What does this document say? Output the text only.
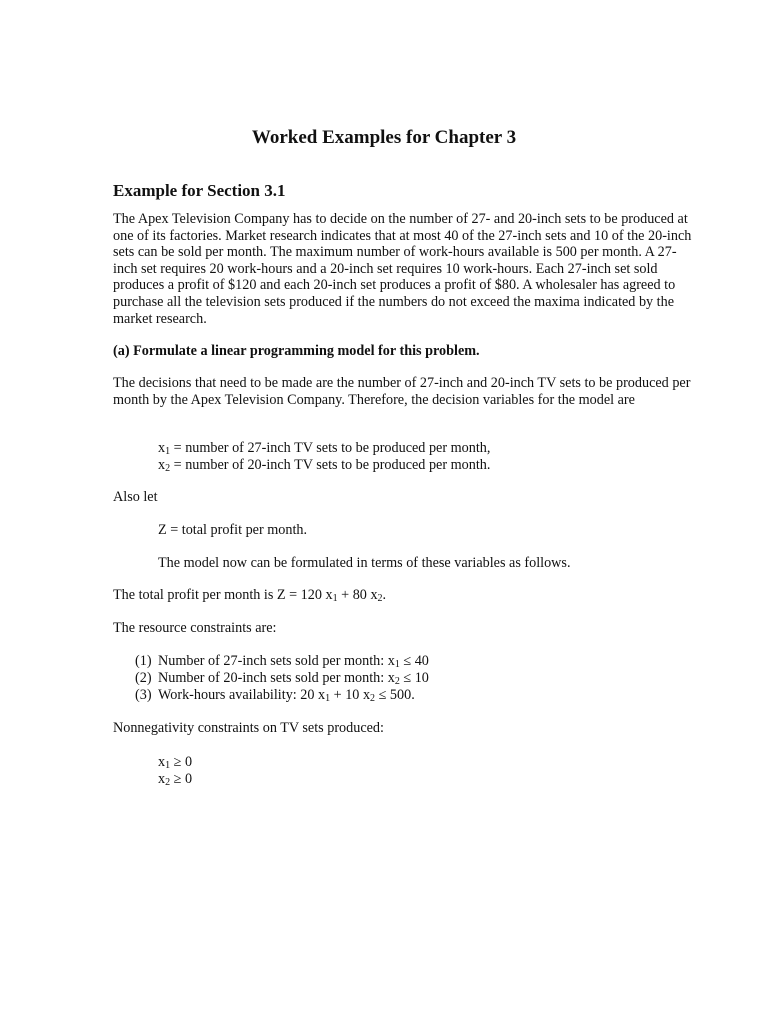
Worked Examples for Chapter 3
Example for Section 3.1

The Apex Television Company has to decide on the number of 27- and 20-inch sets to be produced at one of its factories. Market research indicates that at most 40 of the 27-inch sets and 10 of the 20-inch sets can be sold per month. The maximum number of work-hours available is 500 per month. A 27-inch set requires 20 work-hours and a 20-inch set requires 10 work-hours. Each 27-inch set sold produces a profit of $120 and each 20-inch set produces a profit of $80. A wholesaler has agreed to purchase all the television sets produced if the numbers do not exceed the maxima indicated by the market research.

(a) Formulate a linear programming model for this problem.

The decisions that need to be made are the number of 27-inch and 20-inch TV sets to be produced per month by the Apex Television Company. Therefore, the decision variables for the model are

$x_1$ = number of 27-inch TV sets to be produced per month,
$x_2$ = number of 20-inch TV sets to be produced per month.
Also let
Z = total profit per month.
The model now can be formulated in terms of these variables as follows.
The total profit per month is Z = 120 $x_1 + 80$ $x_2$.
The resource constraints are:
(1) Number of 27-inch sets sold per month: $x_1 \le 40$
(2) Number of 20-inch sets sold per month: $x_2 \le 10$
(3) Work-hours availability: 20 $x_1 + 10$ $x_2 \le 500$.
Nonnegativity constraints on TV sets produced:
$x_1 \ge 0$
$x_2 \ge 0$
